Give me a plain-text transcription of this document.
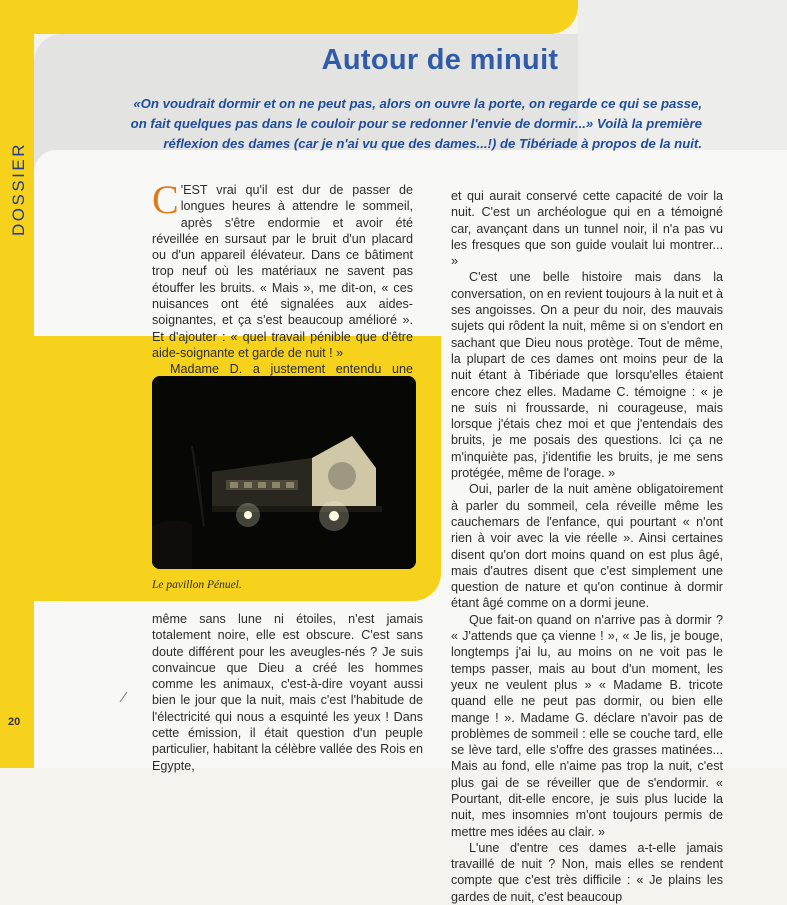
DOSSIER
Autour de minuit
«On voudrait dormir et on ne peut pas, alors on ouvre la porte, on regarde ce qui se passe, on fait quelques pas dans le couloir pour se redonner l'envie de dormir...» Voilà la première réflexion des dames (car je n'ai vu que des dames...!) de Tibériade à propos de la nuit.

C 'EST vrai qu'il est dur de passer de longues heures à attendre le sommeil, après s'être endormie et avoir été réveillée en sursaut par le bruit d'un placard ou d'un appareil élévateur. Dans ce bâtiment trop neuf où les matériaux ne savent pas étouffer les bruits. « Mais », me dit-on, « ces nuisances ont été signalées aux aides-soignantes, et ça s'est beaucoup amélioré ». Et d'ajouter : « quel travail pénible que d'être aide-soignante et garde de nuit ! »

Madame D. a justement entendu une

Le pavillon Pénuel.

même sans lune ni étoiles, n'est jamais totalement noire, elle est obscure. C'est sans doute différent pour les aveugles-nés ? Je suis convaincue que Dieu a créé les hommes comme les animaux, c'est-à-dire voyant aussi bien le jour que la nuit, mais c'est l'habitude de l'électricité qui nous a esquinté les yeux ! Dans cette émission, il était question d'un peuple particulier, habitant la célèbre vallée des Rois en Egypte,

et qui aurait conservé cette capacité de voir la nuit. C'est un archéologue qui en a témoigné car, avançant dans un tunnel noir, il n'a pas vu les fresques que son guide voulait lui montrer... »

C'est une belle histoire mais dans la conversation, on en revient toujours à la nuit et à ses angoisses. On a peur du noir, des mauvais sujets qui rôdent la nuit, même si on s'endort en sachant que Dieu nous protège. Tout de même, la plupart de ces dames ont moins peur de la nuit étant à Tibériade que lorsqu'elles étaient encore chez elles. Madame C. témoigne : « je ne suis ni froussarde, ni courageuse, mais lorsque j'étais chez moi et que j'entendais des bruits, je me posais des questions. Ici ça ne m'inquiète pas, j'identifie les bruits, je me sens protégée, même de l'orage. »

Oui, parler de la nuit amène obligatoirement à parler du sommeil, cela réveille même les cauchemars de l'enfance, qui pourtant « n'ont rien à voir avec la vie réelle ». Ainsi certaines disent qu'on dort moins quand on est plus âgé, mais d'autres disent que c'est simplement une question de nature et qu'on continue à dormir étant âgé comme on a dormi jeune.

Que fait-on quand on n'arrive pas à dormir ? « J'attends que ça vienne ! », « Je lis, je bouge, longtemps j'ai lu, au moins on ne voit pas le temps passer, mais au bout d'un moment, les yeux ne veulent plus » « Madame B. tricote quand elle ne peut pas dormir, ou bien elle mange ! ». Madame G. déclare n'avoir pas de problèmes de sommeil : elle se couche tard, elle se lève tard, elle s'offre des grasses matinées... Mais au fond, elle n'aime pas trop la nuit, c'est plus gai de se réveiller que de s'endormir. « Pourtant, dit-elle encore, je suis plus lucide la nuit, mes insomnies m'ont toujours permis de mettre mes idées au clair. »

L'une d'entre ces dames a-t-elle jamais travaillé de nuit ? Non, mais elles se rendent compte que c'est très difficile : « Je plains les gardes de nuit, c'est beaucoup

20
